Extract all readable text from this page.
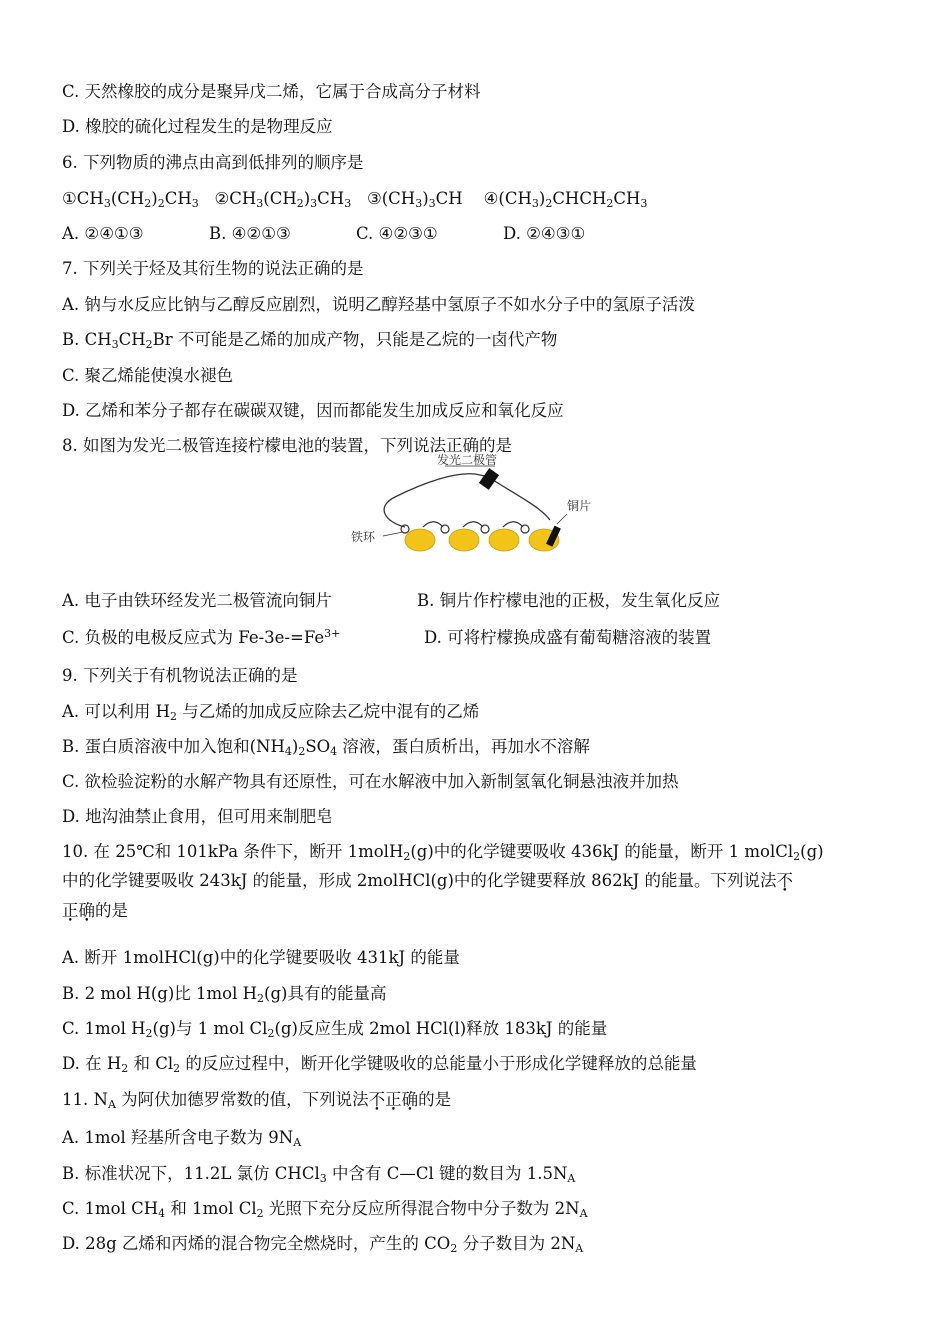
C. 天然橡胶的成分是聚异戊二烯，它属于合成高分子材料
D. 橡胶的硫化过程发生的是物理反应
6. 下列物质的沸点由高到低排列的顺序是
$①CH_3(CH_2)_2CH_3$ $②CH_3(CH_2)_3CH_3$ $③(CH_3)_3CH$ $④(CH_3)_2CHCH_2CH_3$
A. ②④①③	B. ④②①③	C. ④②③①	D. ②④③①
7. 下列关于烃及其衍生物的说法正确的是
A. 钠与水反应比钠与乙醇反应剧烈，说明乙醇羟基中氢原子不如水分子中的氢原子活泼
B. $CH_3CH_2Br$ 不可能是乙烯的加成产物，只能是乙烷的一卤代产物
C. 聚乙烯能使溴水褪色
D. 乙烯和苯分子都存在碳碳双键，因而都能发生加成反应和氧化反应
8. 如图为发光二极管连接柠檬电池的装置，下列说法正确的是
发光二极管
铜片
铁环
A. 电子由铁环经发光二极管流向铜片	B. 铜片作柠檬电池的正极，发生氧化反应
C. 负极的电极反应式为 $Fe-3e-=Fe^{3+}$	D. 可将柠檬换成盛有葡萄糖溶液的装置
9. 下列关于有机物说法正确的是
A. 可以利用 $H_2$ 与乙烯的加成反应除去乙烷中混有的乙烯
B. 蛋白质溶液中加入饱和$(NH_4)_2SO_4$ 溶液，蛋白质析出，再加水不溶解
C. 欲检验淀粉的水解产物具有还原性，可在水解液中加入新制氢氧化铜悬浊液并加热
D. 地沟油禁止食用，但可用来制肥皂
10. 在 25℃和 101kPa 条件下，断开 1molH$_2$(g)中的化学键要吸收 436kJ 的能量，断开 1 molCl$_2$(g)
中的化学键要吸收 243kJ 的能量，形成 2molHCl(g)中的化学键要释放 862kJ 的能量。下列说法不
正确的是
A. 断开 1molHCl(g)中的化学键要吸收 431kJ 的能量
B. 2 mol H(g)比 1mol $H_2(g)$具有的能量高
C. 1mol $H_2(g)$与 1 mol $Cl_2(g)$反应生成 2mol HCl(l)释放 183kJ 的能量
D. 在 $H_2$ 和 $Cl_2$ 的反应过程中，断开化学键吸收的总能量小于形成化学键释放的总能量
11. $N_A$ 为阿伏加德罗常数的值，下列说法不正确的是
A. 1mol 羟基所含电子数为 $9N_A$
B. 标准状况下，11.2L 氯仿 CHCl$_3$ 中含有 C—Cl 键的数目为 $1.5N_A$
C. 1mol $CH_4$ 和 1mol $Cl_2$ 光照下充分反应所得混合物中分子数为 $2N_A$
D. 28g 乙烯和丙烯的混合物完全燃烧时，产生的 $CO_2$ 分子数目为 $2N_A$
